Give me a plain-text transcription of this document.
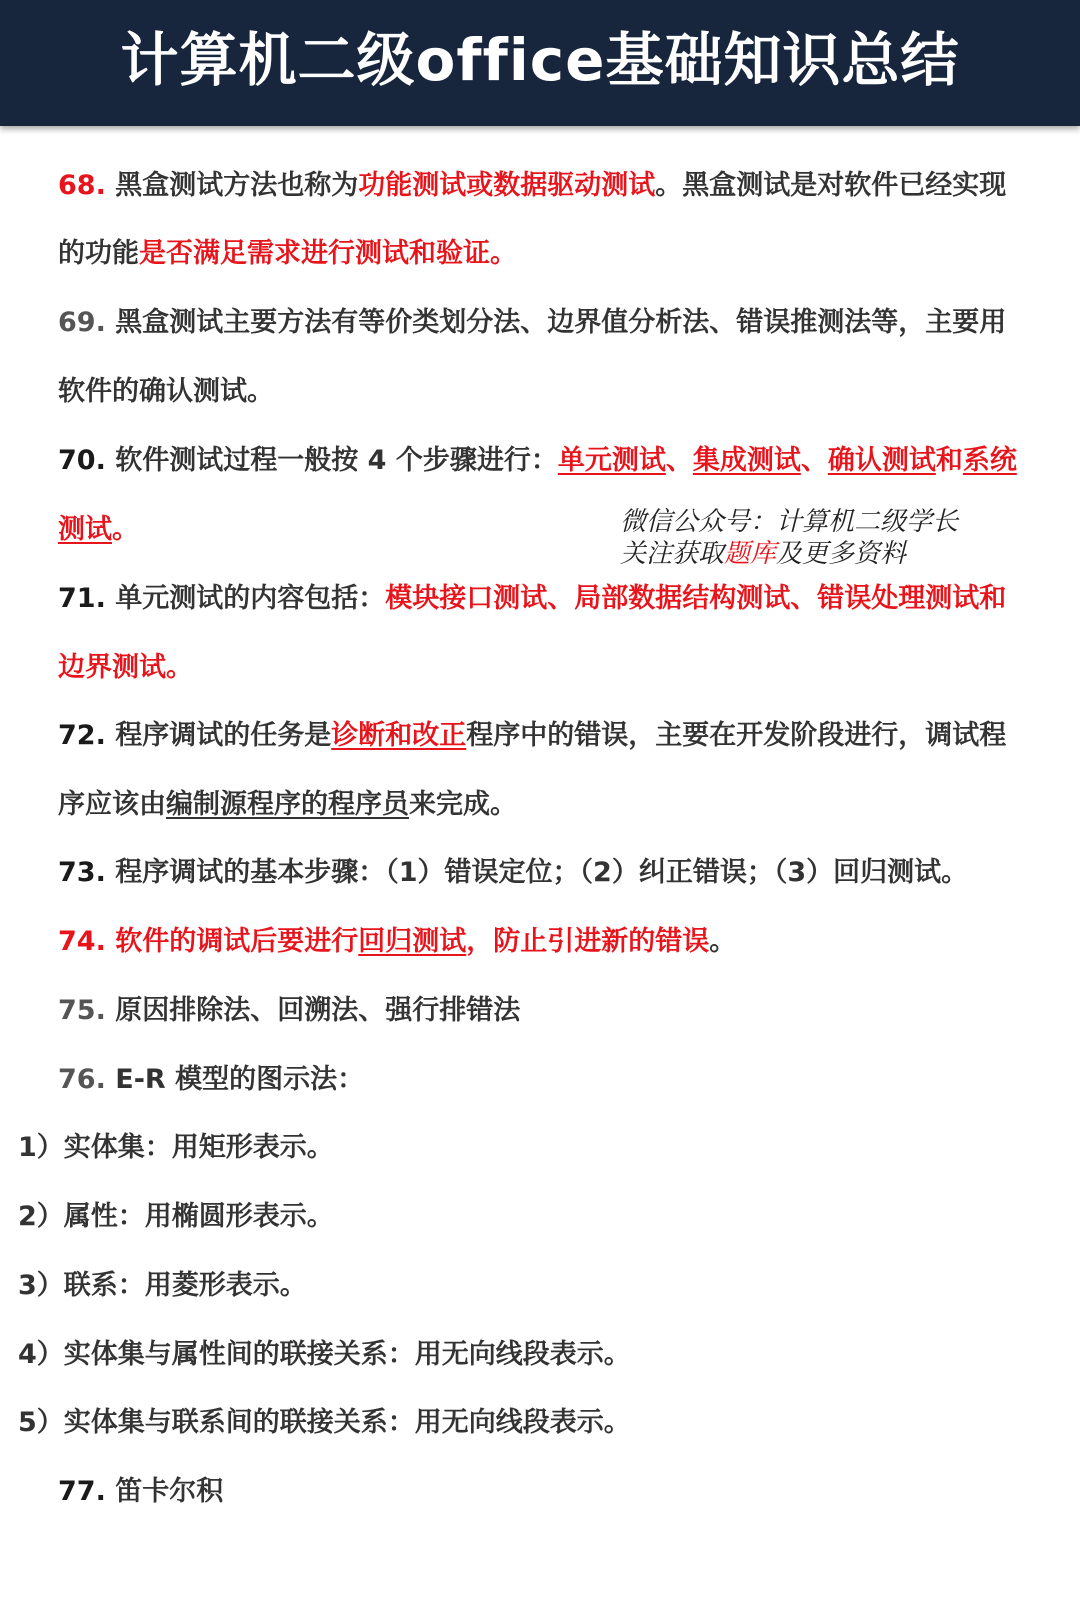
计算机二级office基础知识总结
68. 黑盒测试方法也称为功能测试或数据驱动测试。黑盒测试是对软件已经实现
的功能是否满足需求进行测试和验证。
69. 黑盒测试主要方法有等价类划分法、边界值分析法、错误推测法等，主要用
软件的确认测试。
70. 软件测试过程一般按 4 个步骤进行：单元测试、集成测试、确认测试和系统
测试。	微信公众号：计算机二级学长
关注获取题库及更多资料
71. 单元测试的内容包括：模块接口测试、局部数据结构测试、错误处理测试和
边界测试。
72. 程序调试的任务是诊断和改正程序中的错误，主要在开发阶段进行，调试程
序应该由编制源程序的程序员来完成。
73. 程序调试的基本步骤：（1）错误定位；（2）纠正错误；（3）回归测试。
74. 软件的调试后要进行回归测试，防止引进新的错误。
75. 原因排除法、回溯法、强行排错法
76. E-R 模型的图示法：
1）实体集：用矩形表示。
2）属性：用椭圆形表示。
3）联系：用菱形表示。
4）实体集与属性间的联接关系：用无向线段表示。
5）实体集与联系间的联接关系：用无向线段表示。
77. 笛卡尔积
